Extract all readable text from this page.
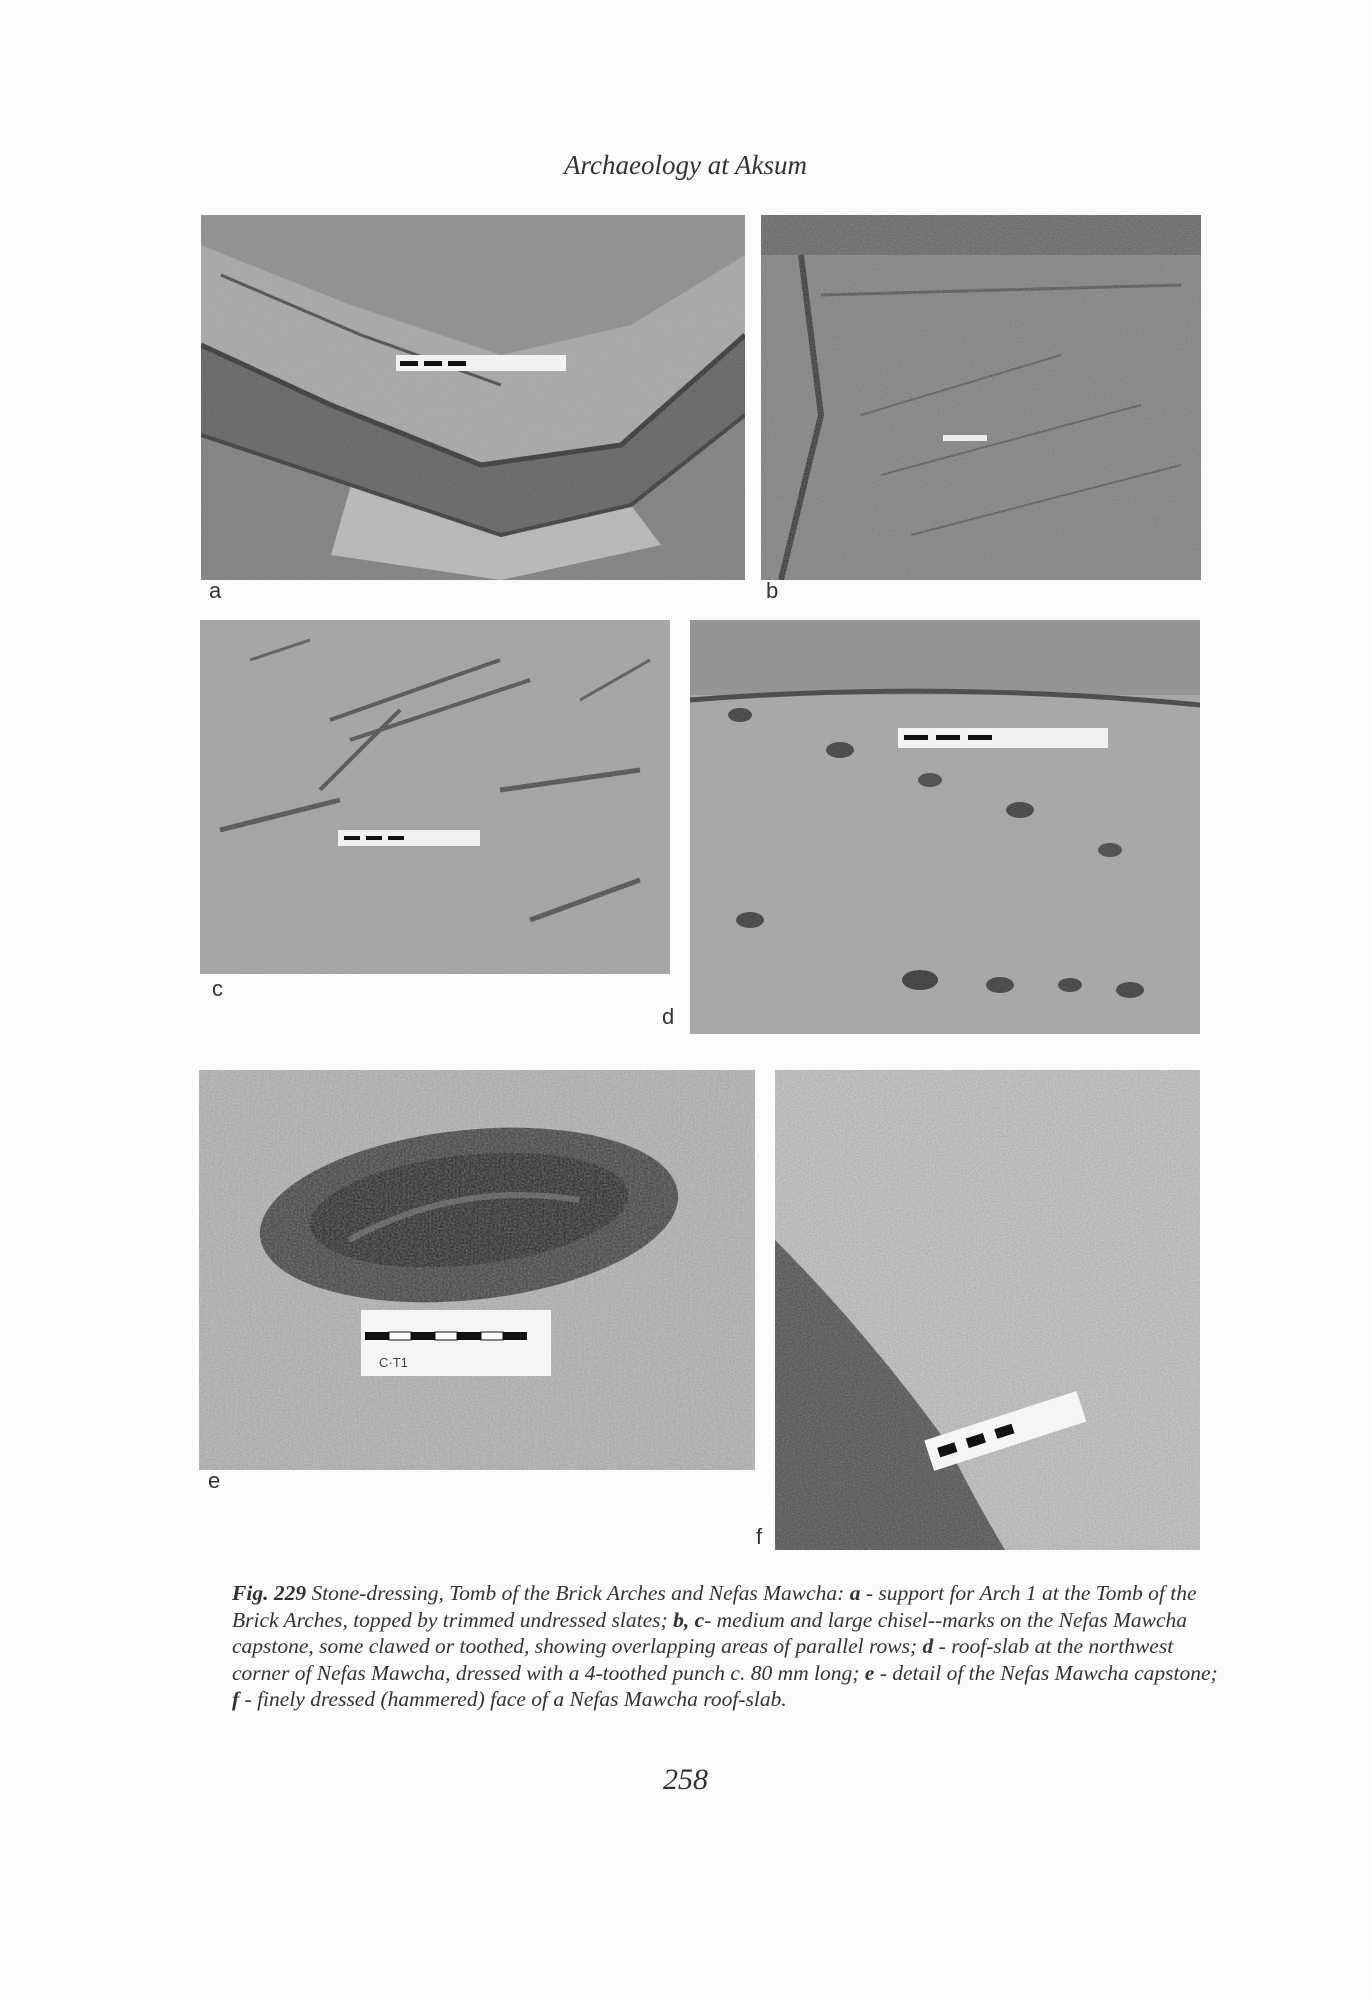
Archaeology at Aksum
a	b
c
d
C·T1
e
f
Fig. 229 Stone-dressing, Tomb of the Brick Arches and Nefas Mawcha: a - support for Arch 1 at the Tomb of the Brick Arches, topped by trimmed undressed slates; b, c- medium and large chisel--marks on the Nefas Mawcha capstone, some clawed or toothed, showing overlapping areas of parallel rows; d - roof-slab at the northwest corner of Nefas Mawcha, dressed with a 4-toothed punch c. 80 mm long; e - detail of the Nefas Mawcha capstone; f - finely dressed (hammered) face of a Nefas Mawcha roof-slab.
258
